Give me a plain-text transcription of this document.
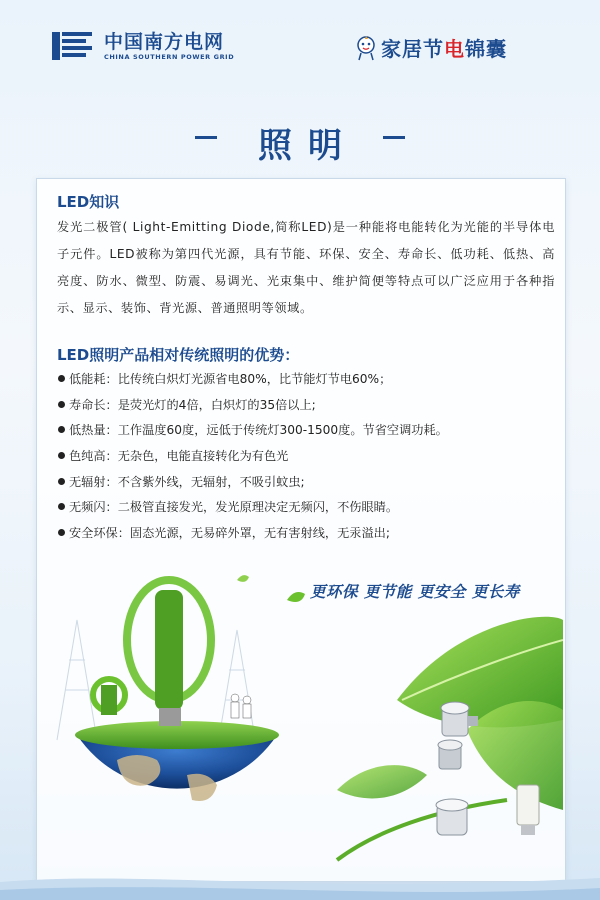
中国南方电网
CHINA SOUTHERN POWER GRID	家居节电锦囊
照明
LED知识
发光二极管( Light-Emitting Diode,简称LED)是一种能将电能转化为光能的半导体电子元件。LED被称为第四代光源，具有节能、环保、安全、寿命长、低功耗、低热、高亮度、防水、微型、防震、易调光、光束集中、维护简便等特点可以广泛应用于各种指示、显示、装饰、背光源、普通照明等领域。
LED照明产品相对传统照明的优势：
低能耗：比传统白炽灯光源省电80%，比节能灯节电60%；
寿命长：是荧光灯的4倍，白炽灯的35倍以上;
低热量：工作温度60度，远低于传统灯300-1500度。节省空调功耗。
色纯高：无杂色，电能直接转化为有色光
无辐射：不含紫外线，无辐射，不吸引蚊虫;
无频闪：二极管直接发光，发光原理决定无频闪，不伤眼睛。
安全环保：固态光源，无易碎外罩，无有害射线，无汞溢出;
更环保 更节能 更安全 更长寿
